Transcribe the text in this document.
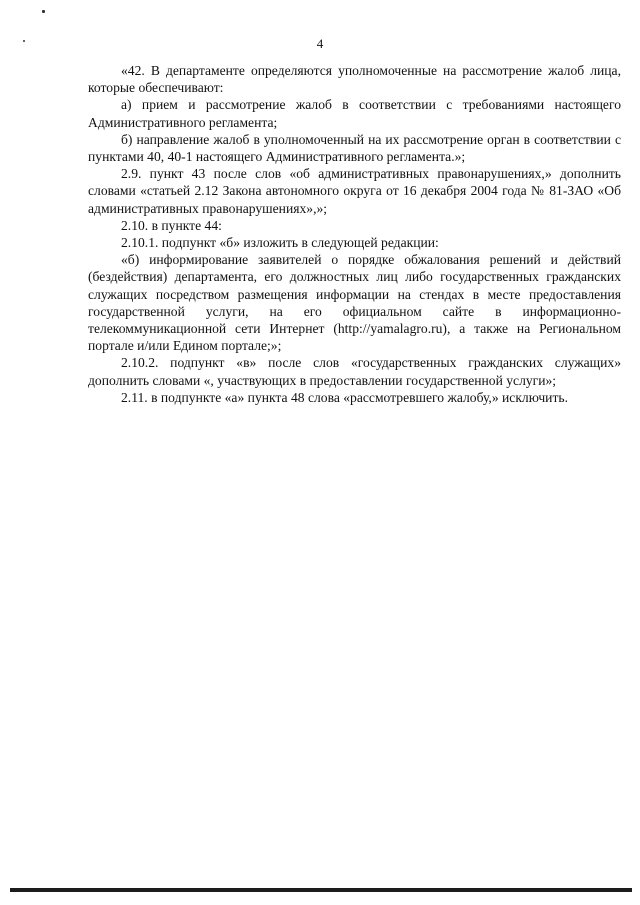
4

«42. В департаменте определяются уполномоченные на рассмотрение жалоб лица, которые обеспечивают:

а) прием и рассмотрение жалоб в соответствии с требованиями настоящего Административного регламента;

б) направление жалоб в уполномоченный на их рассмотрение орган в соответствии с пунктами 40, 40-1 настоящего Административного регламента.»;

2.9. пункт 43 после слов «об административных правонарушениях,» дополнить словами «статьей 2.12 Закона автономного округа от 16 декабря 2004 года № 81-ЗАО «Об административных правонарушениях»,»;

2.10. в пункте 44:

2.10.1. подпункт «б» изложить в следующей редакции:

«б) информирование заявителей о порядке обжалования решений и действий (бездействия) департамента, его должностных лиц либо государственных гражданских служащих посредством размещения информации на стендах в месте предоставления государственной услуги, на его официальном сайте в информационно-телекоммуникационной сети Интернет (http://yamalagro.ru), а также на Региональном портале и/или Едином портале;»;

2.10.2. подпункт «в» после слов «государственных гражданских служащих» дополнить словами «, участвующих в предоставлении государственной услуги»;

2.11. в подпункте «а» пункта 48 слова «рассмотревшего жалобу,» исключить.
